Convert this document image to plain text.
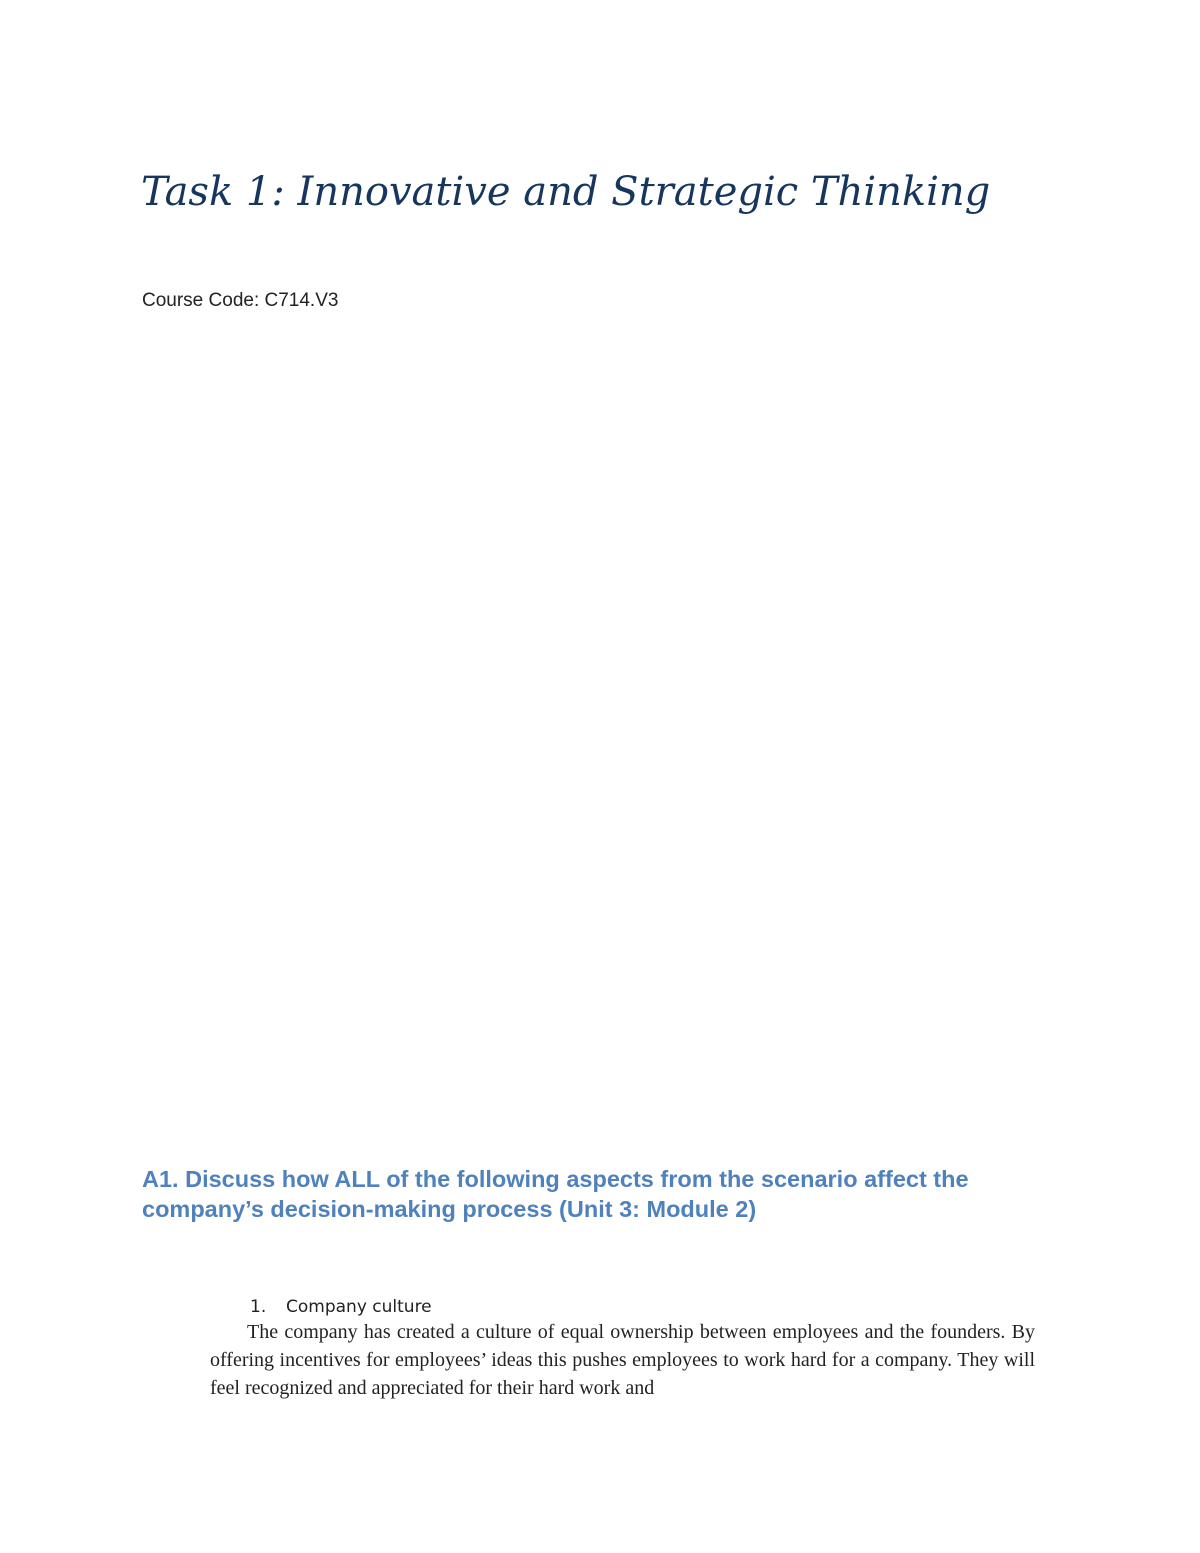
Task 1: Innovative and Strategic Thinking

Course Code: C714.V3

A1. Discuss how ALL of the following aspects from the scenario affect the company’s decision-making process (Unit 3: Module 2)

1. Company culture

The company has created a culture of equal ownership between employees and the founders. By offering incentives for employees’ ideas this pushes employees to work hard for a company. They will feel recognized and appreciated for their hard work and
